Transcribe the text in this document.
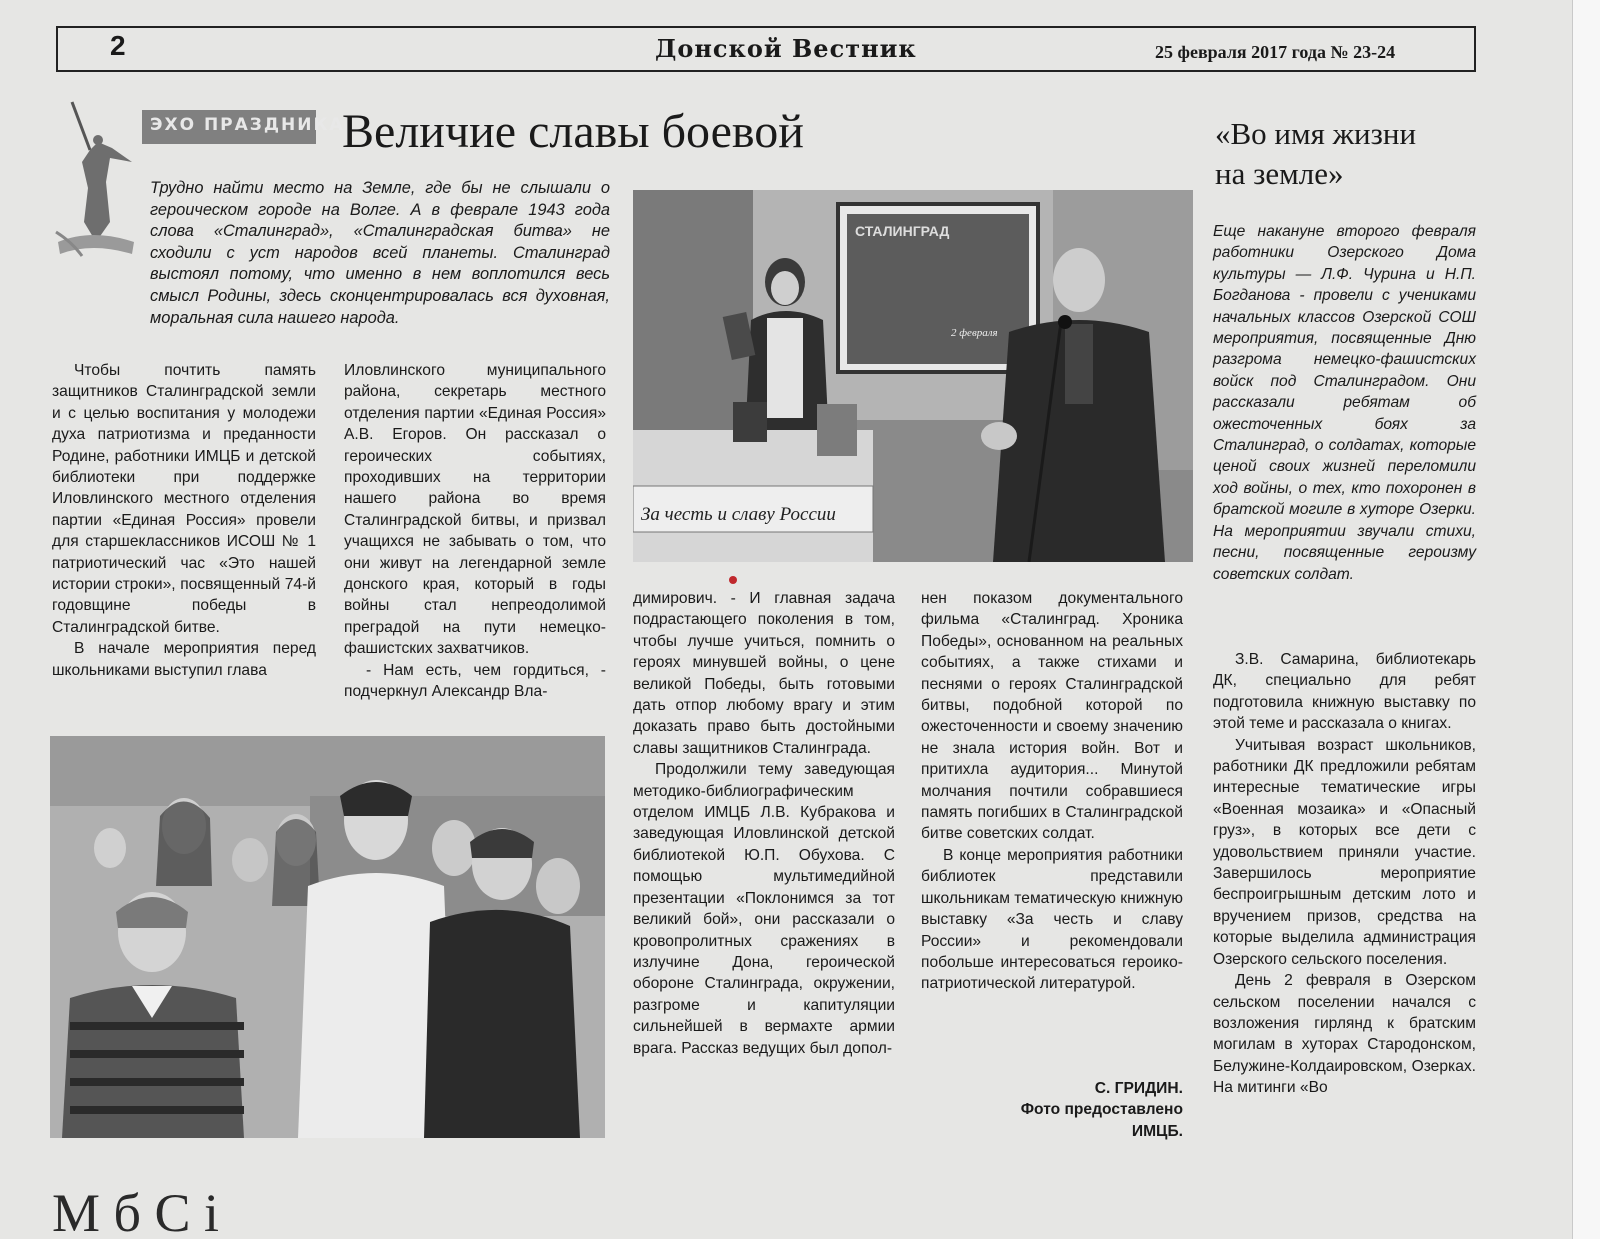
2	Донской Вестник	25 февраля 2017 года № 23-24
ЭХО ПРАЗДНИКА
Величие славы боевой
Трудно найти место на Земле, где бы не слышали о героическом городе на Волге. А в феврале 1943 года слова «Сталинград», «Сталинградская битва» не сходили с уст народов всей планеты. Сталинград выстоял потому, что именно в нем воплотился весь смысл Родины, здесь сконцентрировалась вся духовная, моральная сила нашего народа.

Чтобы почтить память защитников Сталинградской земли и с целью воспитания у молодежи духа патриотизма и преданности Родине, работники ИМЦБ и детской библиотеки при поддержке Иловлинского местного отделения партии «Единая Россия» провели для старшеклассников ИСОШ № 1 патриотический час «Это нашей истории строки», посвященный 74-й годовщине победы в Сталинградской битве.

В начале мероприятия перед школьниками выступил глава

Иловлинского муниципального района, секретарь местного отделения партии «Единая Россия» А.В. Егоров. Он рассказал о героических событиях, проходивших на территории нашего района во время Сталинградской битвы, и призвал учащихся не забывать о том, что они живут на легендарной земле донского края, который в годы войны стал непреодолимой преградой на пути немецко-фашистских захватчиков.

- Нам есть, чем гордиться, - подчеркнул Александр Вла-

димирович. - И главная задача подрастающего поколения в том, чтобы лучше учиться, помнить о героях минувшей войны, о цене великой Победы, быть готовыми дать отпор любому врагу и этим доказать право быть достойными славы защитников Сталинграда.

Продолжили тему заведующая методико-библиографическим отделом ИМЦБ Л.В. Кубракова и заведующая Иловлинской детской библиотекой Ю.П. Обухова. С помощью мультимедийной презентации «Поклонимся за тот великий бой», они рассказали о кровопролитных сражениях в излучине Дона, героической обороне Сталинграда, окружении, разгроме и капитуляции сильнейшей в вермахте армии врага. Рассказ ведущих был допол-

нен показом документального фильма «Сталинград. Хроника Победы», основанном на реальных событиях, а также стихами и песнями о героях Сталинградской битвы, подобной которой по ожесточенности и своему значению не знала история войн. Вот и притихла аудитория... Минутой молчания почтили собравшиеся память погибших в Сталинградской битве советских солдат.

В конце мероприятия работники библиотек представили школьникам тематическую книжную выставку «За честь и славу России» и рекомендовали побольше интересоваться героико-патриотической литературой.

С. ГРИДИН.
Фото предоставлено
ИМЦБ.
СТАЛИНГРАД
2 февраля
За честь и славу России
«Во имя жизни
на земле»
Еще накануне второго февраля работники Озерского Дома культуры — Л.Ф. Чурина и Н.П. Богданова - провели с учениками начальных классов Озерской СОШ мероприятия, посвященные Дню разгрома немецко-фашистских войск под Сталинградом. Они рассказали ребятам об ожесточенных боях за Сталинград, о солдатах, которые ценой своих жизней переломили ход войны, о тех, кто похоронен в братской могиле в хуторе Озерки. На мероприятии звучали стихи, песни, посвященные героизму советских солдат.

З.В. Самарина, библиотекарь ДК, специально для ребят подготовила книжную выставку по этой теме и рассказала о книгах.

Учитывая возраст школьников, работники ДК предложили ребятам интересные тематические игры «Военная мозаика» и «Опасный груз», в которых все дети с удовольствием приняли участие. Завершилось мероприятие беспроигрышным детским лото и вручением призов, средства на которые выделила администрация Озерского сельского поселения.

День 2 февраля в Озерском сельском поселении начался с возложения гирлянд к братским могилам в хуторах Стародонском, Белужине-Колдаировском, Озерках. На митинги «Во

М б С і
